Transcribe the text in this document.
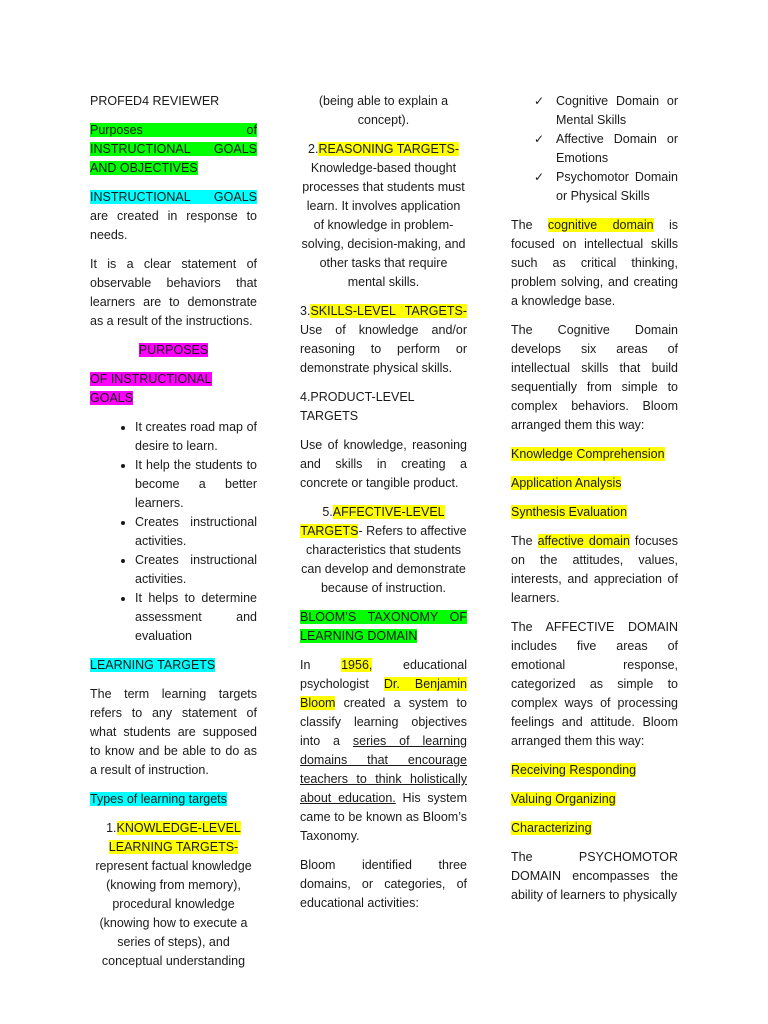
PROFED4 REVIEWER

Purposes of INSTRUCTIONAL GOALS AND OBJECTIVES

INSTRUCTIONAL GOALS are created in response to needs.

It is a clear statement of observable behaviors that learners are to demonstrate as a result of the instructions.

PURPOSES

OF INSTRUCTIONAL GOALS

• It creates road map of desire to learn.
• It help the students to become a better learners.
• Creates instructional activities.
• Creates instructional activities.
• It helps to determine assessment and evaluation

LEARNING TARGETS

The term learning targets refers to any statement of what students are supposed to know and be able to do as a result of instruction.

Types of learning targets

1.KNOWLEDGE-LEVEL LEARNING TARGETS- represent factual knowledge (knowing from memory), procedural knowledge (knowing how to execute a series of steps), and conceptual understanding

(being able to explain a concept).

2.REASONING TARGETS- Knowledge-based thought processes that students must learn. It involves application of knowledge in problem-solving, decision-making, and other tasks that require mental skills.

3.SKILLS-LEVEL TARGETS- Use of knowledge and/or reasoning to perform or demonstrate physical skills.

4.PRODUCT-LEVEL TARGETS

Use of knowledge, reasoning and skills in creating a concrete or tangible product.

5.AFFECTIVE-LEVEL TARGETS- Refers to affective characteristics that students can develop and demonstrate because of instruction.

BLOOM’S TAXONOMY OF LEARNING DOMAIN

In 1956, educational psychologist Dr. Benjamin Bloom created a system to classify learning objectives into a series of learning domains that encourage teachers to think holistically about education. His system came to be known as Bloom’s Taxonomy.

Bloom identified three domains, or categories, of educational activities:

✓ Cognitive Domain or Mental Skills
✓ Affective Domain or Emotions
✓ Psychomotor Domain or Physical Skills

The cognitive domain is focused on intellectual skills such as critical thinking, problem solving, and creating a knowledge base.

The Cognitive Domain develops six areas of intellectual skills that build sequentially from simple to complex behaviors. Bloom arranged them this way:

Knowledge Comprehension

Application Analysis

Synthesis Evaluation

The affective domain focuses on the attitudes, values, interests, and appreciation of learners.

The AFFECTIVE DOMAIN includes five areas of emotional response, categorized as simple to complex ways of processing feelings and attitude. Bloom arranged them this way:

Receiving Responding

Valuing Organizing

Characterizing

The PSYCHOMOTOR DOMAIN encompasses the ability of learners to physically
